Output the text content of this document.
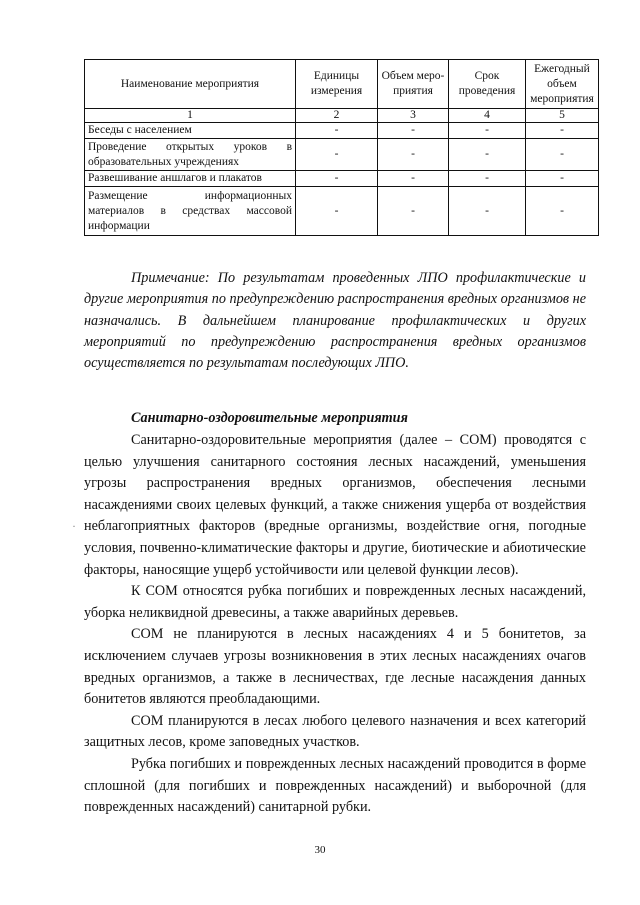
Наименование мероприятия	Единицы измерения	Объем меро-приятия	Срок проведения	Ежегодный объем мероприятия
1	2	3	4	5
Беседы с населением	-	-	-	-
Проведение открытых уроков в образовательных учреждениях	-	-	-	-
Развешивание аншлагов и плакатов	-	-	-	-
Размещение информационных материалов в средствах массовой информации	-	-	-	-
Примечание: По результатам проведенных ЛПО профилактические и другие мероприятия по предупреждению распространения вредных организмов не назначались. В дальнейшем планирование профилактических и других мероприятий по предупреждению распространения вредных организмов осуществляется по результатам последующих ЛПО.
Санитарно-оздоровительные мероприятия

Санитарно-оздоровительные мероприятия (далее – СОМ) проводятся с целью улучшения санитарного состояния лесных насаждений, уменьшения угрозы распространения вредных организмов, обеспечения лесными насаждениями своих целевых функций, а также снижения ущерба от воздействия неблагоприятных факторов (вредные организмы, воздействие огня, погодные условия, почвенно-климатические факторы и другие, биотические и абиотические факторы, наносящие ущерб устойчивости или целевой функции лесов).

К СОМ относятся рубка погибших и поврежденных лесных насаждений, уборка неликвидной древесины, а также аварийных деревьев.

СОМ не планируются в лесных насаждениях 4 и 5 бонитетов, за исключением случаев угрозы возникновения в этих лесных насаждениях очагов вредных организмов, а также в лесничествах, где лесные насаждения данных бонитетов являются преобладающими.

СОМ планируются в лесах любого целевого назначения и всех категорий защитных лесов, кроме заповедных участков.

Рубка погибших и поврежденных лесных насаждений проводится в форме сплошной (для погибших и поврежденных насаждений) и выборочной (для поврежденных насаждений) санитарной рубки.

·
30
